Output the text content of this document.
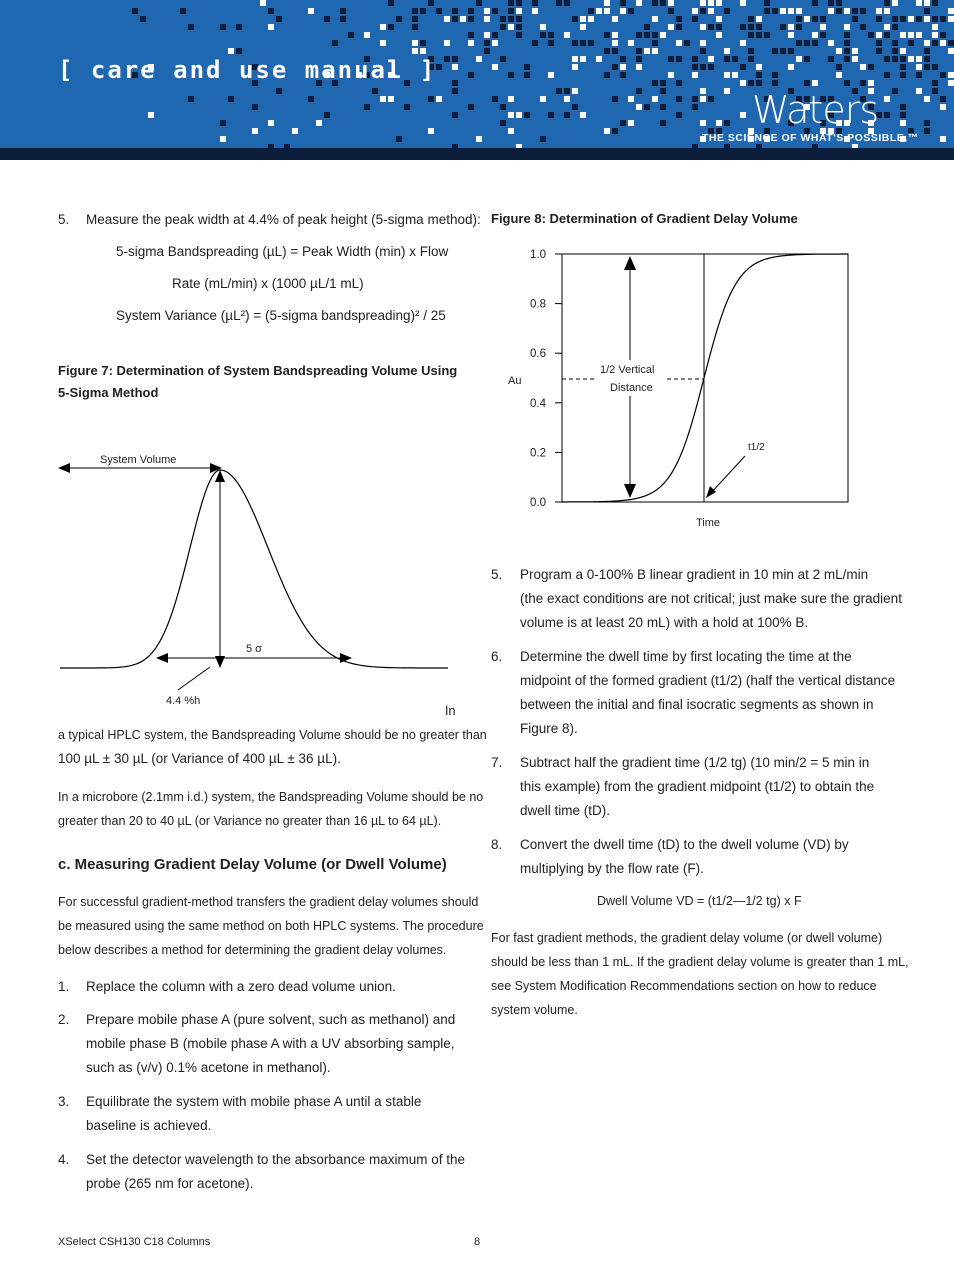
[ care and use manual ]
Waters
THE SCIENCE OF WHAT'S POSSIBLE.™
5. Measure the peak width at 4.4% of peak height (5-sigma method):
5-sigma Bandspreading (µL) = Peak Width (min) x Flow
Rate (mL/min) x (1000 µL/1 mL)
System Variance (µL²) = (5-sigma bandspreading)² / 25
Figure 7: Determination of System Bandspreading Volume Using
5-Sigma Method
System Volume
5 σ
4.4 %h
In
a typical HPLC system, the Bandspreading Volume should be no greater than
100 µL ± 30 µL (or Variance of 400 µL ± 36 µL).
In a microbore (2.1mm i.d.) system, the Bandspreading Volume should be no
greater than 20 to 40 µL (or Variance no greater than 16 µL to 64 µL).
c. Measuring Gradient Delay Volume (or Dwell Volume)
For successful gradient-method transfers the gradient delay volumes should
be measured using the same method on both HPLC systems. The procedure
below describes a method for determining the gradient delay volumes.
1. Replace the column with a zero dead volume union.
2. Prepare mobile phase A (pure solvent, such as methanol) and
mobile phase B (mobile phase A with a UV absorbing sample,
such as (v/v) 0.1% acetone in methanol).
3. Equilibrate the system with mobile phase A until a stable
baseline is achieved.
4. Set the detector wavelength to the absorbance maximum of the
probe (265 nm for acetone).
Figure 8: Determination of Gradient Delay Volume
1.0
0.8
0.6
0.4
0.2
0.0
Au
Time
1/2 Vertical
Distance
t1/2
5. Program a 0-100% B linear gradient in 10 min at 2 mL/min
(the exact conditions are not critical; just make sure the gradient
volume is at least 20 mL) with a hold at 100% B.
6. Determine the dwell time by first locating the time at the
midpoint of the formed gradient (t1/2) (half the vertical distance
between the initial and final isocratic segments as shown in
Figure 8).
7. Subtract half the gradient time (1/2 tg) (10 min/2 = 5 min in
this example) from the gradient midpoint (t1/2) to obtain the
dwell time (tD).
8. Convert the dwell time (tD) to the dwell volume (VD) by
multiplying by the flow rate (F).
Dwell Volume VD = (t1/2—1/2 tg) x F
For fast gradient methods, the gradient delay volume (or dwell volume)
should be less than 1 mL. If the gradient delay volume is greater than 1 mL,
see System Modification Recommendations section on how to reduce
system volume.
XSelect CSH130 C18 Columns	8
